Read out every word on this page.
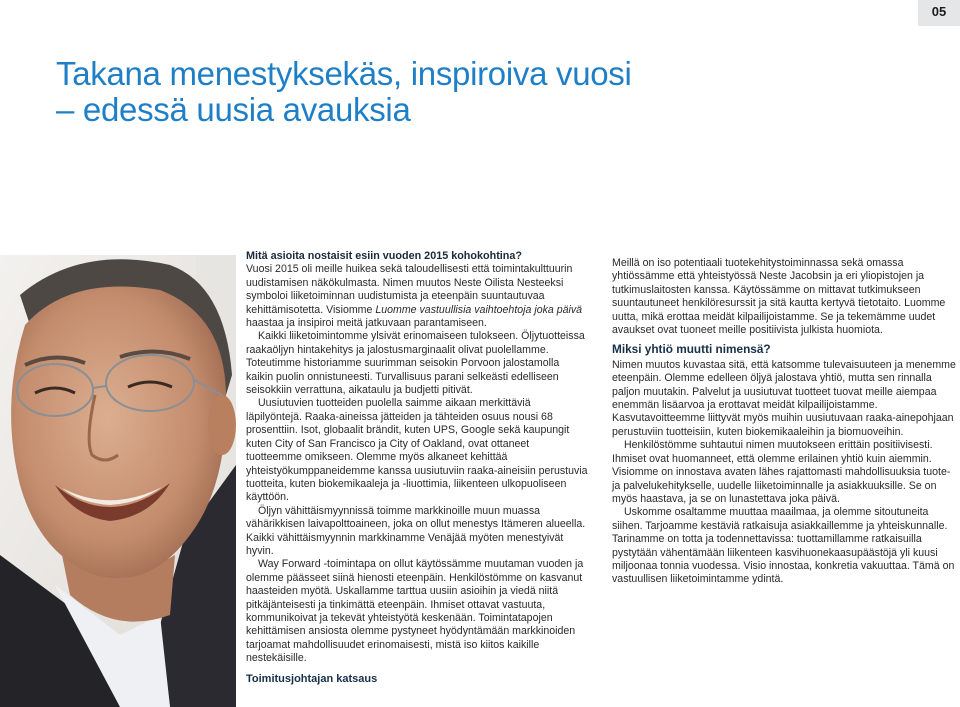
05
Takana menestyksekäs, inspiroiva vuosi
– edessä uusia avauksia

Mitä asioita nostaisit esiin vuoden 2015 kohokohtina?

Vuosi 2015 oli meille huikea sekä taloudellisesti että toimintakulttuurin uudistamisen näkökulmasta. Nimen muutos Neste Oilista Nesteeksi symboloi liiketoiminnan uudistumista ja eteenpäin suuntautuvaa kehittämisotetta. Visiomme Luomme vastuullisia vaihtoehtoja joka päivä haastaa ja insipiroi meitä jatkuvaan parantamiseen.

Kaikki liiketoimintomme ylsivät erinomaiseen tulokseen. Öljytuotteissa raakaöljyn hintakehitys ja jalostusmarginaalit olivat puolellamme. Toteutimme historiamme suurimman seisokin Porvoon jalostamolla kaikin puolin onnistuneesti. Turvallisuus parani selkeästi edelliseen seisokkiin verrattuna, aikataulu ja budjetti pitivät.

Uusiutuvien tuotteiden puolella saimme aikaan merkittäviä läpilyöntejä. Raaka-aineissa jätteiden ja tähteiden osuus nousi 68 prosenttiin. Isot, globaalit brändit, kuten UPS, Google sekä kaupungit kuten City of San Francisco ja City of Oakland, ovat ottaneet tuotteemme omikseen. Olemme myös alkaneet kehittää yhteistyökumppaneidemme kanssa uusiutuviin raaka-aineisiin perustuvia tuotteita, kuten biokemikaaleja ja -liuottimia, liikenteen ulkopuoliseen käyttöön.

Öljyn vähittäismyynnissä toimme markkinoille muun muassa vähärikkisen laivapolttoaineen, joka on ollut menestys Itämeren alueella. Kaikki vähittäismyynnin markkinamme Venäjää myöten menestyivät hyvin.

Way Forward -toimintapa on ollut käytössämme muutaman vuoden ja olemme päässeet siinä hienosti eteenpäin. Henkilöstömme on kasvanut haasteiden myötä. Uskallamme tarttua uusiin asioihin ja viedä niitä pitkäjänteisesti ja tinkimättä eteenpäin. Ihmiset ottavat vastuuta, kommunikoivat ja tekevät yhteistyötä keskenään. Toimintatapojen kehittämisen ansiosta olemme pystyneet hyödyntämään markkinoiden tarjoamat mahdollisuudet erinomaisesti, mistä iso kiitos kaikille nestekäisille.

Meillä on iso potentiaali tuotekehitystoiminnassa sekä omassa yhtiössämme että yhteistyössä Neste Jacobsin ja eri yliopistojen ja tutkimuslaitosten kanssa. Käytössämme on mittavat tutkimukseen suuntautuneet henkilöresurssit ja sitä kautta kertyvä tietotaito. Luomme uutta, mikä erottaa meidät kilpailijoistamme. Se ja tekemämme uudet avaukset ovat tuoneet meille positiivista julkista huomiota.

Miksi yhtiö muutti nimensä?

Nimen muutos kuvastaa sitä, että katsomme tulevaisuuteen ja menemme eteenpäin. Olemme edelleen öljyä jalostava yhtiö, mutta sen rinnalla paljon muutakin. Palvelut ja uusiutuvat tuotteet tuovat meille aiempaa enemmän lisäarvoa ja erottavat meidät kilpailijoistamme. Kasvutavoitteemme liittyvät myös muihin uusiutuvaan raaka-ainepohjaan perustuviin tuotteisiin, kuten biokemikaaleihin ja biomuoveihin.

Henkilöstömme suhtautui nimen muutokseen erittäin positiivisesti. Ihmiset ovat huomanneet, että olemme erilainen yhtiö kuin aiemmin. Visiomme on innostava avaten lähes rajattomasti mahdollisuuksia tuote- ja palvelukehitykselle, uudelle liiketoiminnalle ja asiakkuuksille. Se on myös haastava, ja se on lunastettava joka päivä.

Uskomme osaltamme muuttaa maailmaa, ja olemme sitoutuneita siihen. Tarjoamme kestäviä ratkaisuja asiakkaillemme ja yhteiskunnalle. Tarinamme on totta ja todennettavissa: tuottamillamme ratkaisuilla pystytään vähentämään liikenteen kasvihuonekaasupäästöjä yli kuusi miljoonaa tonnia vuodessa. Visio innostaa, konkretia vakuuttaa. Tämä on vastuullisen liiketoimintamme ydintä.

Toimitusjohtajan katsaus
